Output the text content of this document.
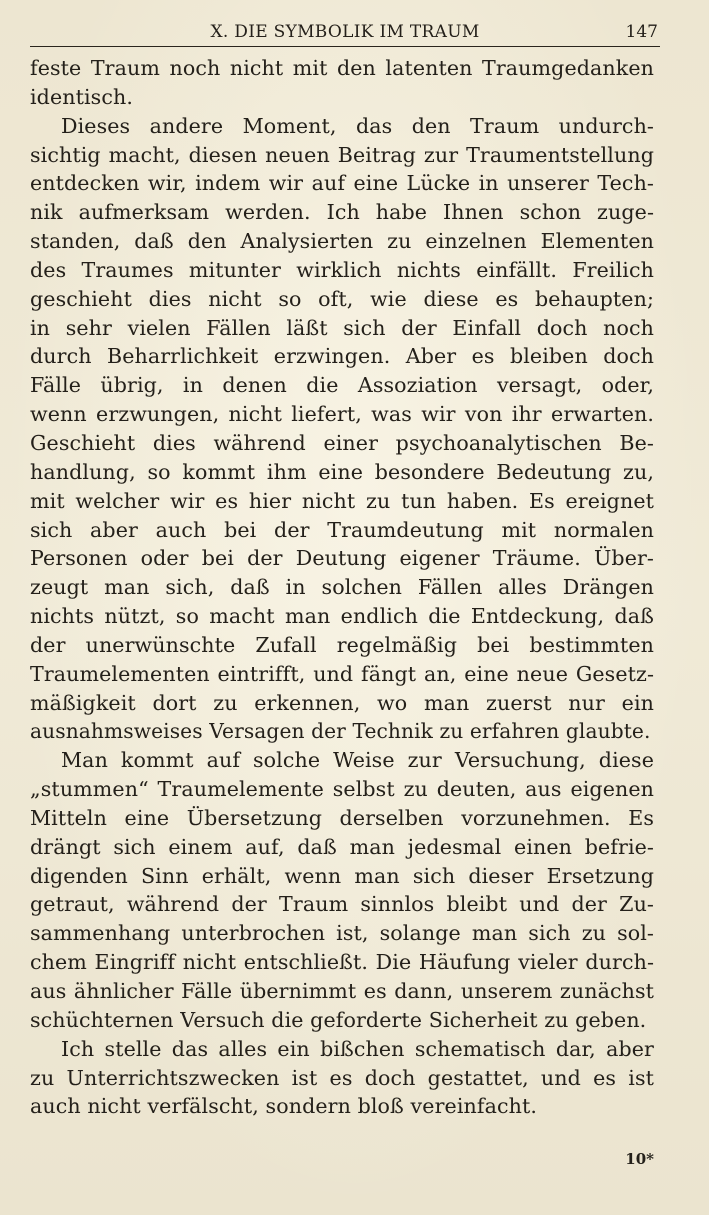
X. DIE SYMBOLIK IM TRAUM	147
feste Traum noch nicht mit den latenten Traumgedanken
identisch.
Dieses andere Moment, das den Traum undurch-
sichtig macht, diesen neuen Beitrag zur Traumentstellung
entdecken wir, indem wir auf eine Lücke in unserer Tech-
nik aufmerksam werden. Ich habe Ihnen schon zuge-
standen, daß den Analysierten zu einzelnen Elementen
des Traumes mitunter wirklich nichts einfällt. Freilich
geschieht dies nicht so oft, wie diese es behaupten;
in sehr vielen Fällen läßt sich der Einfall doch noch
durch Beharrlichkeit erzwingen. Aber es bleiben doch
Fälle übrig, in denen die Assoziation versagt, oder,
wenn erzwungen, nicht liefert, was wir von ihr erwarten.
Geschieht dies während einer psychoanalytischen Be-
handlung, so kommt ihm eine besondere Bedeutung zu,
mit welcher wir es hier nicht zu tun haben. Es ereignet
sich aber auch bei der Traumdeutung mit normalen
Personen oder bei der Deutung eigener Träume. Über-
zeugt man sich, daß in solchen Fällen alles Drängen
nichts nützt, so macht man endlich die Entdeckung, daß
der unerwünschte Zufall regelmäßig bei bestimmten
Traumelementen eintrifft, und fängt an, eine neue Gesetz-
mäßigkeit dort zu erkennen, wo man zuerst nur ein
ausnahmsweises Versagen der Technik zu erfahren glaubte.
Man kommt auf solche Weise zur Versuchung, diese
„stummen“ Traumelemente selbst zu deuten, aus eigenen
Mitteln eine Übersetzung derselben vorzunehmen. Es
drängt sich einem auf, daß man jedesmal einen befrie-
digenden Sinn erhält, wenn man sich dieser Ersetzung
getraut, während der Traum sinnlos bleibt und der Zu-
sammenhang unterbrochen ist, solange man sich zu sol-
chem Eingriff nicht entschließt. Die Häufung vieler durch-
aus ähnlicher Fälle übernimmt es dann, unserem zunächst
schüchternen Versuch die geforderte Sicherheit zu geben.
Ich stelle das alles ein bißchen schematisch dar, aber
zu Unterrichtszwecken ist es doch gestattet, und es ist
auch nicht verfälscht, sondern bloß vereinfacht.
10*
